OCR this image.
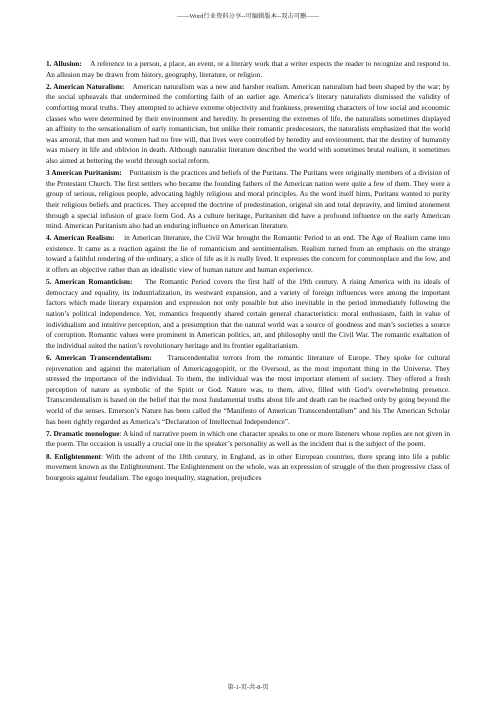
——Word行业资料分享--可编辑版本--双击可删——

1. Allusion: A reference to a person, a place, an event, or a literary work that a writer expects the reader to recognize and respond to. An allusion may be drawn from history, geography, literature, or religion.

2. American Naturalism: American naturalism was a new and harsher realism. American naturalism had been shaped by the war; by the social upheavals that undermined the comforting faith of an earlier age. America’s literary naturalists dismissed the validity of comforting moral truths. They attempted to achieve extreme objectivity and frankness, presenting characters of low social and economic classes who were determined by their environment and heredity. In presenting the extremes of life, the naturalists sometimes displayed an affinity to the sensationalism of early romanticism, but unlike their romantic predecessors, the naturalists emphasized that the world was amoral, that men and women had no free will, that lives were controlled by heredity and environment, that the destiny of humanity was misery in life and oblivion in death. Although naturalist literature described the world with sometimes brutal realism, it sometimes also aimed at bettering the world through social reform.

3 American Puritanism: Puritanism is the practices and beliefs of the Puritans. The Puritans were originally members of a division of the Protestant Church. The first settlers who became the founding fathers of the American nation were quite a few of them. They were a group of serious, religious people, advocating highly religious and moral principles. As the word itself hints, Puritans wanted to purity their religious beliefs and practices. They accepted the doctrine of predestination, original sin and total depravity, and limited atonement through a special infusion of grace form God. As a culture heritage, Puritanism did have a profound influence on the early American mind. American Puritanism also had an enduring influence on American literature.

4. American Realism: in American literature, the Civil War brought the Romantic Period to an end. The Age of Realism came into existence. It came as a reaction against the lie of romanticism and sentimentalism. Realism turned from an emphasis on the strange toward a faithful rendering of the ordinary, a slice of life as it is really lived. It expresses the concern for commonplace and the low, and it offers an objective rather than an idealistic view of human nature and human experience.

5. American Romanticism: The Romantic Period covers the first half of the 19th century. A rising America with its ideals of democracy and equality, its industrialization, its westward expansion, and a variety of foreign influences were among the important factors which made literary expansion and expression not only possible but also inevitable in the period immediately following the nation’s political independence. Yet, romantics frequently shared certain general characteristics: moral enthusiasm, faith in value of individualism and intuitive perception, and a presumption that the natural world was a source of goodness and man’s societies a source of corruption. Romantic values were prominent in American politics, art, and philosophy until the Civil War. The romantic exaltation of the individual suited the nation’s revolutionary heritage and its frontier egalitarianism.

6. American Transcendentalism: Transcendentalist terrors from the romantic literature of Europe. They spoke for cultural rejuvenation and against the materialism of Americagogopirit, or the Oversoul, as the most important thing in the Universe. They stressed the importance of the individual. To them, the individual was the most important element of society. They offered a fresh perception of nature as symbolic of the Spirit or God. Nature was, to them, alive, filled with God’s overwhelming presence. Transcendentalism is based on the belief that the most fundamental truths about life and death can be reached only by going beyond the world of the senses. Emerson’s Nature has been called the “Manifesto of American Transcendentalism” and his The American Scholar has been rightly regarded as America’s “Declaration of Intellectual Independence”.

7. Dramatic monologue: A kind of narrative poem in which one character speaks to one or more listeners whose replies are not given in the poem. The occasion is usually a crucial one in the speaker’s personality as well as the incident that is the subject of the poem.

8. Enlightenment: With the advent of the 18th century, in England, as in other European countries, there sprang into life a public movement known as the Enlightenment. The Enlightenment on the whole, was an expression of struggle of the then progressive class of bourgeois against feudalism. The egogo inequality, stagnation, prejudices

第-1-页-共-8-页
